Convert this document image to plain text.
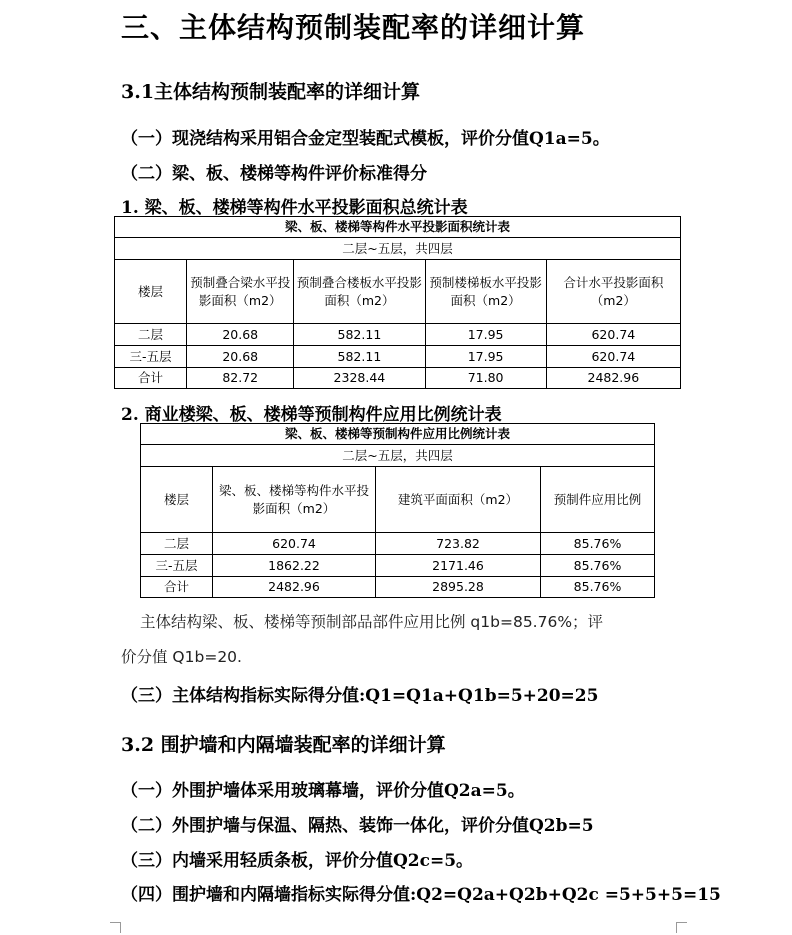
三、主体结构预制装配率的详细计算
3.1主体结构预制装配率的详细计算
（一）现浇结构采用铝合金定型装配式模板，评价分值Q1a=5。
（二）梁、板、楼梯等构件评价标准得分
1. 梁、板、楼梯等构件水平投影面积总统计表
梁、板、楼梯等构件水平投影面积统计表				
二层~五层，共四层				
楼层	预制叠合梁水平投影面积（m2）	预制叠合楼板水平投影面积（m2）	预制楼梯板水平投影面积（m2）	合计水平投影面积（m2）
二层	20.68	582.11	17.95	620.74
三-五层	20.68	582.11	17.95	620.74
合计	82.72	2328.44	71.80	2482.96
2. 商业楼梁、板、楼梯等预制构件应用比例统计表
梁、板、楼梯等预制构件应用比例统计表			
二层~五层，共四层			
楼层	梁、板、楼梯等构件水平投影面积（m2）	建筑平面面积（m2）	预制件应用比例
二层	620.74	723.82	85.76%
三-五层	1862.22	2171.46	85.76%
合计	2482.96	2895.28	85.76%
主体结构梁、板、楼梯等预制部品部件应用比例 q1b=85.76%；评
价分值 Q1b=20.
（三）主体结构指标实际得分值:Q1=Q1a+Q1b=5+20=25
3.2 围护墙和内隔墙装配率的详细计算
（一）外围护墙体采用玻璃幕墙，评价分值Q2a=5。
（二）外围护墙与保温、隔热、装饰一体化，评价分值Q2b=5
（三）内墙采用轻质条板，评价分值Q2c=5。
（四）围护墙和内隔墙指标实际得分值:Q2=Q2a+Q2b+Q2c =5+5+5=15
